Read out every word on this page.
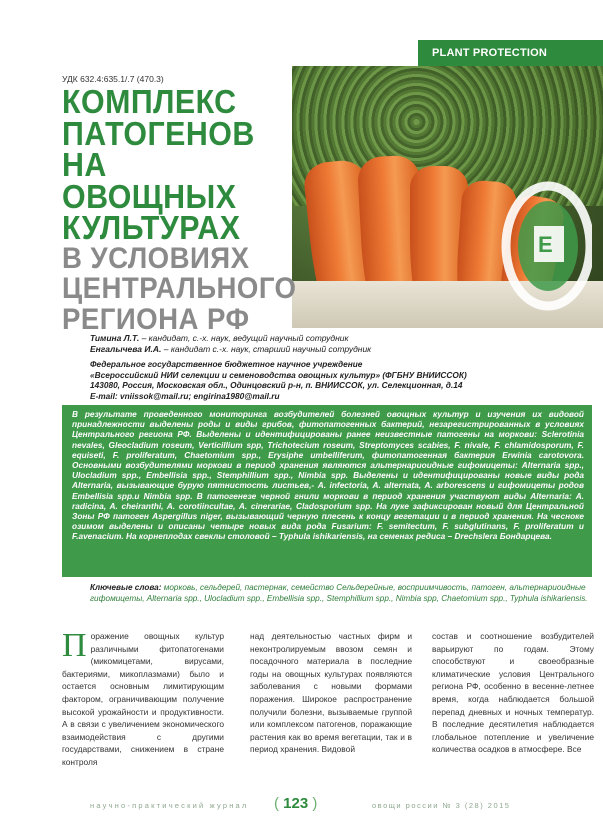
PLANT PROTECTION
E
УДК 632.4:635.1/.7 (470.3)
КОМПЛЕКС
ПАТОГЕНОВ
НА ОВОЩНЫХ
КУЛЬТУРАХ
В УСЛОВИЯХ
ЦЕНТРАЛЬНОГО
РЕГИОНА РФ
Тимина Л.Т. – кандидат, с.-х. наук, ведущий научный сотрудник
Енгалычева И.А. – кандидат с.-х. наук, старший научный сотрудник
Федеральное государственное бюджетное научное учреждение
«Всероссийский НИИ селекции и семеноводства овощных культур» (ФГБНУ ВНИИССОК)
143080, Россия, Московская обл., Одинцовский р-н, п. ВНИИССОК, ул. Селекционная, д.14
E-mail: vniissok@mail.ru; engirina1980@mail.ru
В результате проведенного мониторинга возбудителей болезней овощных культур и изучения их видовой принадлежности выделены роды и виды грибов, фитопатогенных бактерий, незарегистрированных в условиях Центрального региона РФ. Выделены и идентифицированы ранее неизвестные патогены на моркови: Sclerotinia nevales, Gleocladium roseum, Verticillium spp, Trichotecium roseum, Streptomyces scabies, F. nivale, F. chlamidosporum, F. equiseti, F. proliferatum, Chaetomium spp., Erysiphe umbelliferum, фитопатогенная бактерия Erwinia carotovora. Основными возбудителями моркови в период хранения являются альтернариоидные гифомицеты: Alternaria spp., Ulocladium spp., Embellisia spp., Stemphillium spp., Nimbia spp. Выделены и идентифицированы новые виды рода Alternaria, вызывающие бурую пятнистость листьев,- A. infectoria, A. alternata, A. arborescens и гифомицеты родов Embellisia spp.и Nimbia spp. В патогенезе черной гнили моркови в период хранения участвуют виды Alternaria: A. radicina, A. cheiranthi, A. corotiincultae, A. cinerariae, Cladosporium spp. На луке зафиксирован новый для Центральной Зоны РФ патоген Aspergillus niger, вызывающий черную плесень к концу вегетации и в период хранения. На чесноке озимом выделены и описаны четыре новых вида рода Fusarium: F. semitectum, F. subglutinans, F. proliferatum и F.avenacium. На корнеплодах свеклы столовой – Typhula ishikariensis, на семенах редиса – Drechslera Бондарцева.
Ключевые слова: морковь, сельдерей, пастернак, семейство Сельдерейные, восприимчивость, патоген, альтернариоидные гифомицеты, Alternaria spp., Ulocladium spp., Embellisia spp., Stemphillium spp., Nimbia spp, Chaetomium spp., Typhula ishikariensis.
Поражение овощных культур различными фитопатогенами (микомицетами, вирусами, бактериями, микоплазмами) было и остается основным лимитирующим фактором, ограничивающим получение высокой урожайности и продуктивности. А в связи с увеличением экономического взаимодействия с другими государствами, снижением в стране контроля
над деятельностью частных фирм и неконтролируемым ввозом семян и посадочного материала в последние годы на овощных культурах появляются заболевания с новыми формами поражения. Широкое распространение получили болезни, вызываемые группой или комплексом патогенов, поражающие растения как во время вегетации, так и в период хранения. Видовой
состав и соотношение возбудителей варьируют по годам. Этому способствуют и своеобразные климатические условия Центрального региона РФ, особенно в весенне-летнее время, когда наблюдается большой перепад дневных и ночных температур. В последние десятилетия наблюдается глобальное потепление и увеличение количества осадков в атмосфере. Все
научно-практический журнал ( 123 )	овощи россии № 3 (28) 2015
